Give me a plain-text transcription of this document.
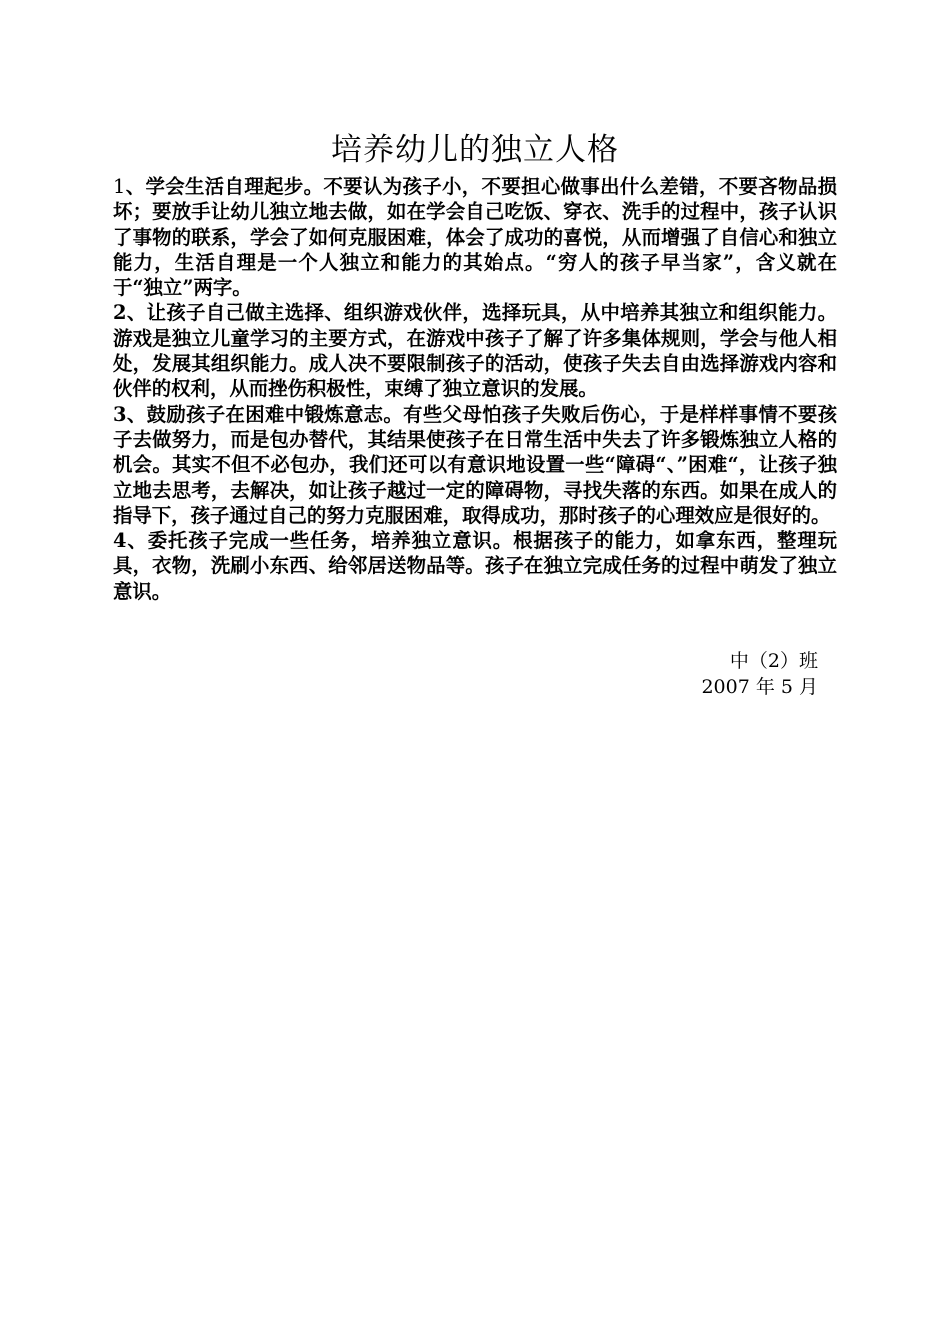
培养幼儿的独立人格

1、学会生活自理起步。不要认为孩子小，不要担心做事出什么差错，不要吝物品损坏；要放手让幼儿独立地去做，如在学会自己吃饭、穿衣、洗手的过程中，孩子认识了事物的联系，学会了如何克服困难，体会了成功的喜悦，从而增强了自信心和独立能力，生活自理是一个人独立和能力的其始点。“穷人的孩子早当家”，含义就在于“独立”两字。

2、让孩子自己做主选择、组织游戏伙伴，选择玩具，从中培养其独立和组织能力。游戏是独立儿童学习的主要方式，在游戏中孩子了解了许多集体规则，学会与他人相处，发展其组织能力。成人决不要限制孩子的活动，使孩子失去自由选择游戏内容和伙伴的权利，从而挫伤积极性，束缚了独立意识的发展。

3、鼓励孩子在困难中锻炼意志。有些父母怕孩子失败后伤心，于是样样事情不要孩子去做努力，而是包办替代，其结果使孩子在日常生活中失去了许多锻炼独立人格的机会。其实不但不必包办，我们还可以有意识地设置一些“障碍“、”困难“，让孩子独立地去思考，去解决，如让孩子越过一定的障碍物，寻找失落的东西。如果在成人的指导下，孩子通过自己的努力克服困难，取得成功，那时孩子的心理效应是很好的。

4、委托孩子完成一些任务，培养独立意识。根据孩子的能力，如拿东西，整理玩具，衣物，洗刷小东西、给邻居送物品等。孩子在独立完成任务的过程中萌发了独立意识。

中（2）班
2007 年 5 月
